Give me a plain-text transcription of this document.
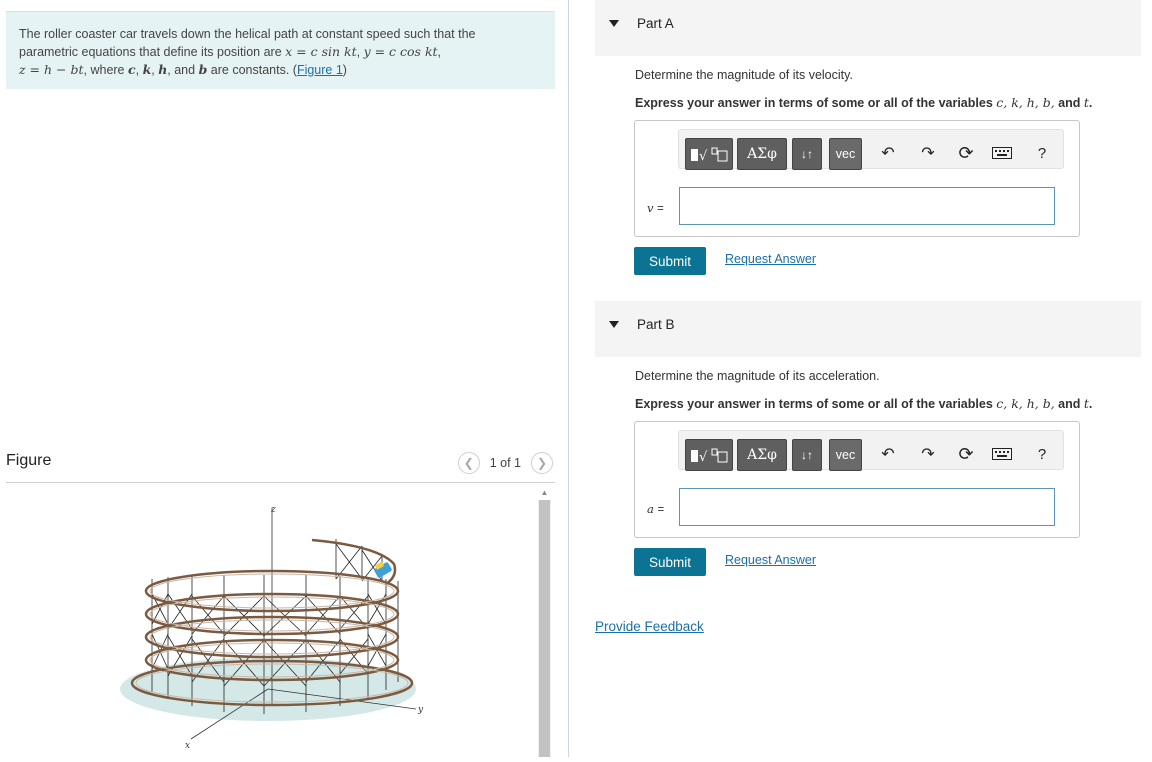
The roller coaster car travels down the helical path at constant speed such that the
parametric equations that define its position are x = c sin kt, y = c cos kt,
z = h − bt, where c, k, h, and b are constants. (Figure 1)
Figure	❮	1 of 1	❯
z
y
x
▲
Part A
Determine the magnitude of its velocity.
Express your answer in terms of some or all of the variables c, k, h, b, and t.
√	ΑΣφ	↓↑	vec	↶ ↷ ⟳	?
v =
Submit	Request Answer
Part B
Determine the magnitude of its acceleration.
Express your answer in terms of some or all of the variables c, k, h, b, and t.
√	ΑΣφ	↓↑	vec	↶ ↷ ⟳	?
a =
Submit	Request Answer
Provide Feedback
